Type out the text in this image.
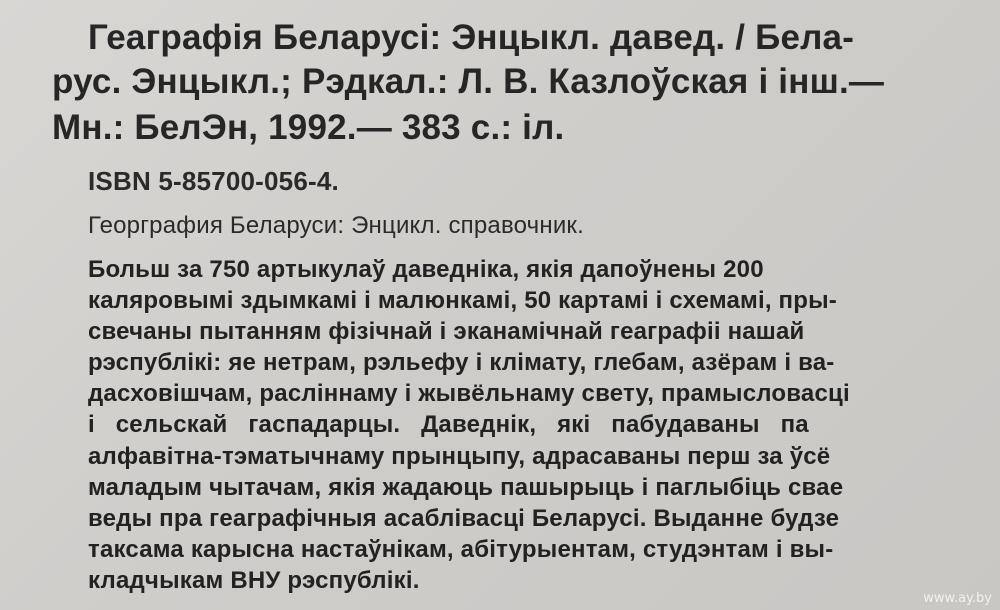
Геаграфія Беларусі: Энцыкл. давед. / Бела-
рус. Энцыкл.; Рэдкал.: Л. В. Казлоўская і інш.—
Мн.: БелЭн, 1992.— 383 с.: іл.
ISBN 5-85700-056-4.
Георграфия Беларуси: Энцикл. справочник.
Больш за 750 артыкулаў даведніка, якія дапоўнены 200
каляровымі здымкамі і малюнкамі, 50 картамі і схемамі, пры-
свечаны пытанням фізічнай і эканамічнай геаграфіі нашай
рэспублікі: яе нетрам, рэльефу і клімату, глебам, азёрам і ва-
дасховішчам, раслiннаму і жывёльнаму свету, прамысловасці
і сельскай гаспадарцы. Даведнік, які пабудаваны па
алфавітна-тэматычнаму прынцыпу, адрасаваны перш за ўсё
маладым чытачам, якія жадаюць пашырыць і паглыбіць свае
веды пра геаграфічныя асаблівасці Беларусі. Выданне будзе
таксама карысна настаўнікам, абітурыентам, студэнтам і вы-
кладчыкам ВНУ рэспублікі.
www.ay.by
